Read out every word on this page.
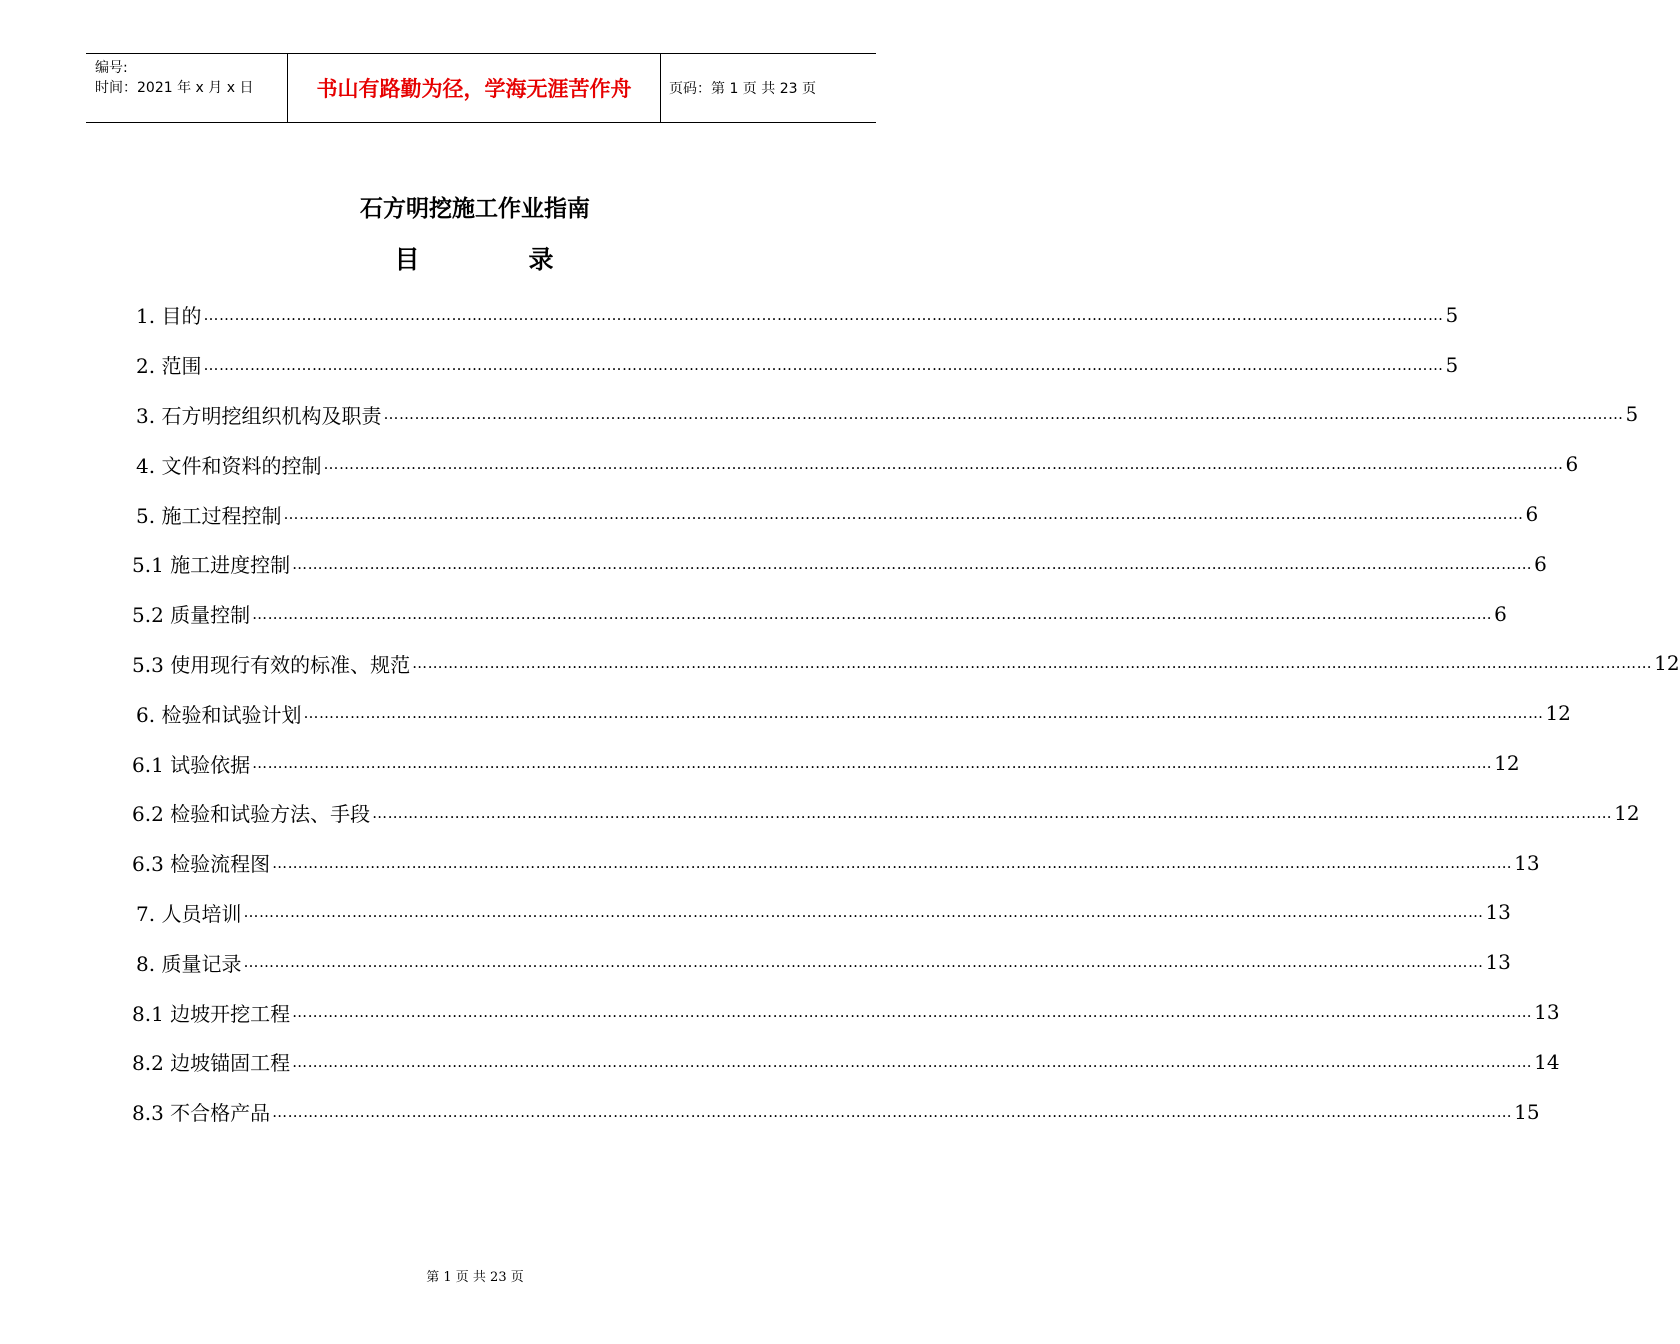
编号:
时间：2021 年 x 月 x 日	书山有路勤为径，学海无涯苦作舟	页码：第 1 页 共 23 页
石方明挖施工作业指南
目          录
1. 目的 …………………………………………………………………………………………………………………………………………………………………………………………………………………… 5
2. 范围 …………………………………………………………………………………………………………………………………………………………………………………………………………………… 5
3. 石方明挖组织机构及职责 …………………………………………………………………………………………………………………………………………………………………………………………………………………… 5
4. 文件和资料的控制 …………………………………………………………………………………………………………………………………………………………………………………………………………………… 6
5. 施工过程控制 …………………………………………………………………………………………………………………………………………………………………………………………………………………… 6
5.1 施工进度控制 …………………………………………………………………………………………………………………………………………………………………………………………………………………… 6
5.2 质量控制 …………………………………………………………………………………………………………………………………………………………………………………………………………………… 6
5.3 使用现行有效的标准、规范 …………………………………………………………………………………………………………………………………………………………………………………………………………………… 12
6. 检验和试验计划 …………………………………………………………………………………………………………………………………………………………………………………………………………………… 12
6.1 试验依据 …………………………………………………………………………………………………………………………………………………………………………………………………………………… 12
6.2 检验和试验方法、手段 …………………………………………………………………………………………………………………………………………………………………………………………………………………… 12
6.3 检验流程图 …………………………………………………………………………………………………………………………………………………………………………………………………………………… 13
7. 人员培训 …………………………………………………………………………………………………………………………………………………………………………………………………………………… 13
8. 质量记录 …………………………………………………………………………………………………………………………………………………………………………………………………………………… 13
8.1 边坡开挖工程 …………………………………………………………………………………………………………………………………………………………………………………………………………………… 13
8.2 边坡锚固工程 …………………………………………………………………………………………………………………………………………………………………………………………………………………… 14
8.3 不合格产品 …………………………………………………………………………………………………………………………………………………………………………………………………………………… 15
第 1 页 共 23 页
